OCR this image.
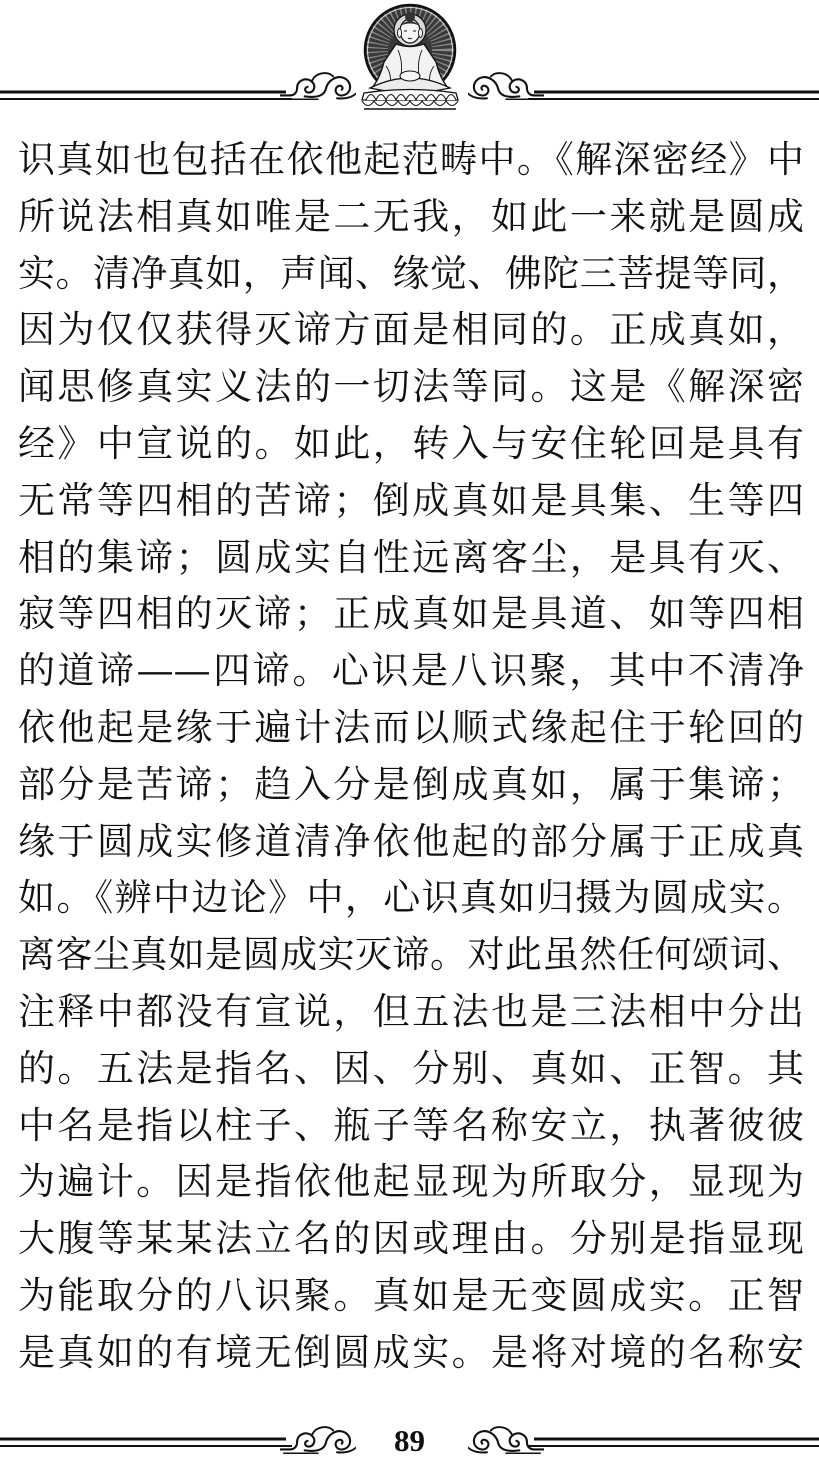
识真如也包括在依他起范畴中。《解深密经》中
所说法相真如唯是二无我，如此一来就是圆成
实。清净真如，声闻、缘觉、佛陀三菩提等同，
因为仅仅获得灭谛方面是相同的。正成真如，
闻思修真实义法的一切法等同。这是《解深密
经》中宣说的。如此，转入与安住轮回是具有
无常等四相的苦谛；倒成真如是具集、生等四
相的集谛；圆成实自性远离客尘，是具有灭、
寂等四相的灭谛；正成真如是具道、如等四相
的道谛——四谛。心识是八识聚，其中不清净
依他起是缘于遍计法而以顺式缘起住于轮回的
部分是苦谛；趋入分是倒成真如，属于集谛；
缘于圆成实修道清净依他起的部分属于正成真
如。《辨中边论》中，心识真如归摄为圆成实。
离客尘真如是圆成实灭谛。对此虽然任何颂词、
注释中都没有宣说，但五法也是三法相中分出
的。五法是指名、因、分别、真如、正智。其
中名是指以柱子、瓶子等名称安立，执著彼彼
为遍计。因是指依他起显现为所取分，显现为
大腹等某某法立名的因或理由。分别是指显现
为能取分的八识聚。真如是无变圆成实。正智
是真如的有境无倒圆成实。是将对境的名称安
89
